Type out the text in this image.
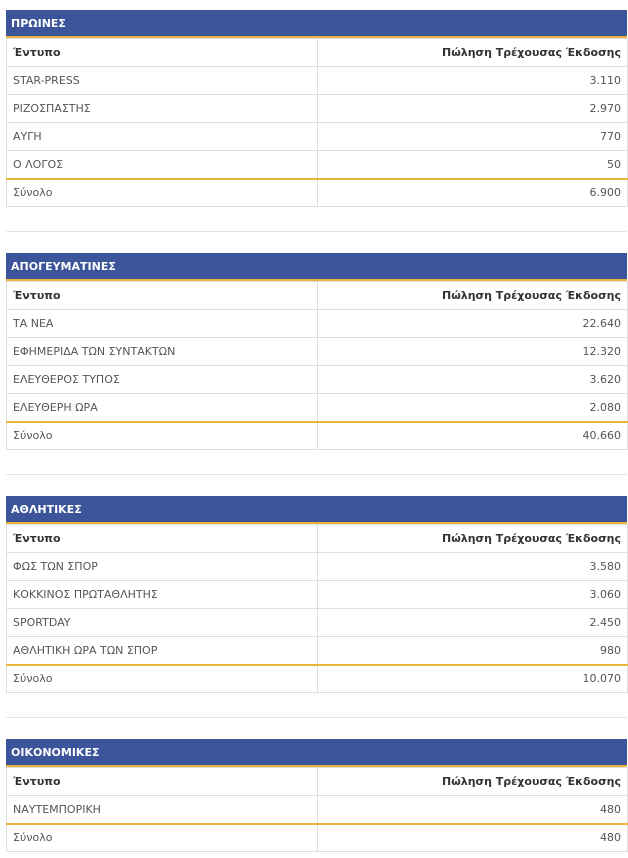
ΠΡΩΙΝΕΣ
Έντυπο	Πώληση Τρέχουσας Έκδοσης
STAR-PRESS	3.110
ΡΙΖΟΣΠΑΣΤΗΣ	2.970
ΑΥΓΗ	770
Ο ΛΟΓΟΣ	50
Σύνολο	6.900
ΑΠΟΓΕΥΜΑΤΙΝΕΣ
Έντυπο	Πώληση Τρέχουσας Έκδοσης
ΤΑ ΝΕΑ	22.640
ΕΦΗΜΕΡΙΔΑ ΤΩΝ ΣΥΝΤΑΚΤΩΝ	12.320
ΕΛΕΥΘΕΡΟΣ ΤΥΠΟΣ	3.620
ΕΛΕΥΘΕΡΗ ΩΡΑ	2.080
Σύνολο	40.660
ΑΘΛΗΤΙΚΕΣ
Έντυπο	Πώληση Τρέχουσας Έκδοσης
ΦΩΣ ΤΩΝ ΣΠΟΡ	3.580
ΚΟΚΚΙΝΟΣ ΠΡΩΤΑΘΛΗΤΗΣ	3.060
SPORTDAY	2.450
ΑΘΛΗΤΙΚΗ ΩΡΑ ΤΩΝ ΣΠΟΡ	980
Σύνολο	10.070
ΟΙΚΟΝΟΜΙΚΕΣ
Έντυπο	Πώληση Τρέχουσας Έκδοσης
ΝΑΥΤΕΜΠΟΡΙΚΗ	480
Σύνολο	480
